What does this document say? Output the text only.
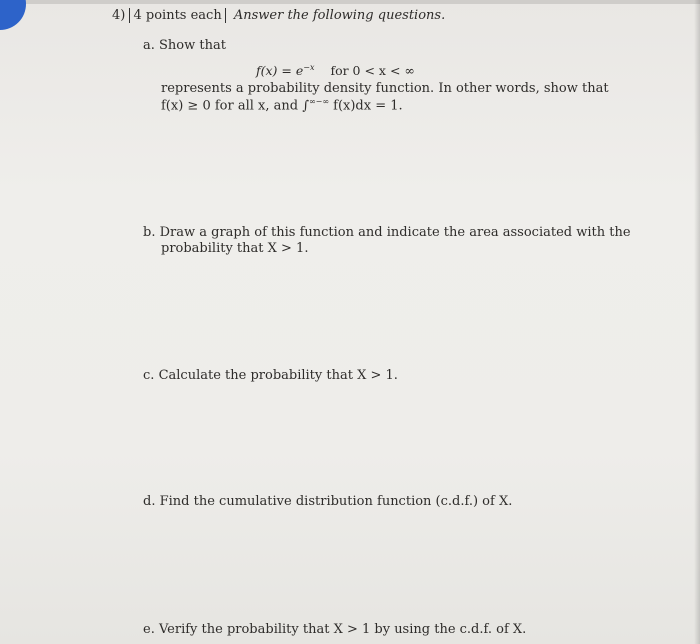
4) 4 points each Answer the following questions.
a. Show that
$f(x) = e^{-x}$ for 0 < x < ∞
represents a probability density function. In other words, show that
f(x) ≥ 0 for all x, and ∫∞−∞ f(x)dx = 1.
b. Draw a graph of this function and indicate the area associated with the
probability that X > 1.
c. Calculate the probability that X > 1.
d. Find the cumulative distribution function (c.d.f.) of X.
e. Verify the probability that X > 1 by using the c.d.f. of X.
